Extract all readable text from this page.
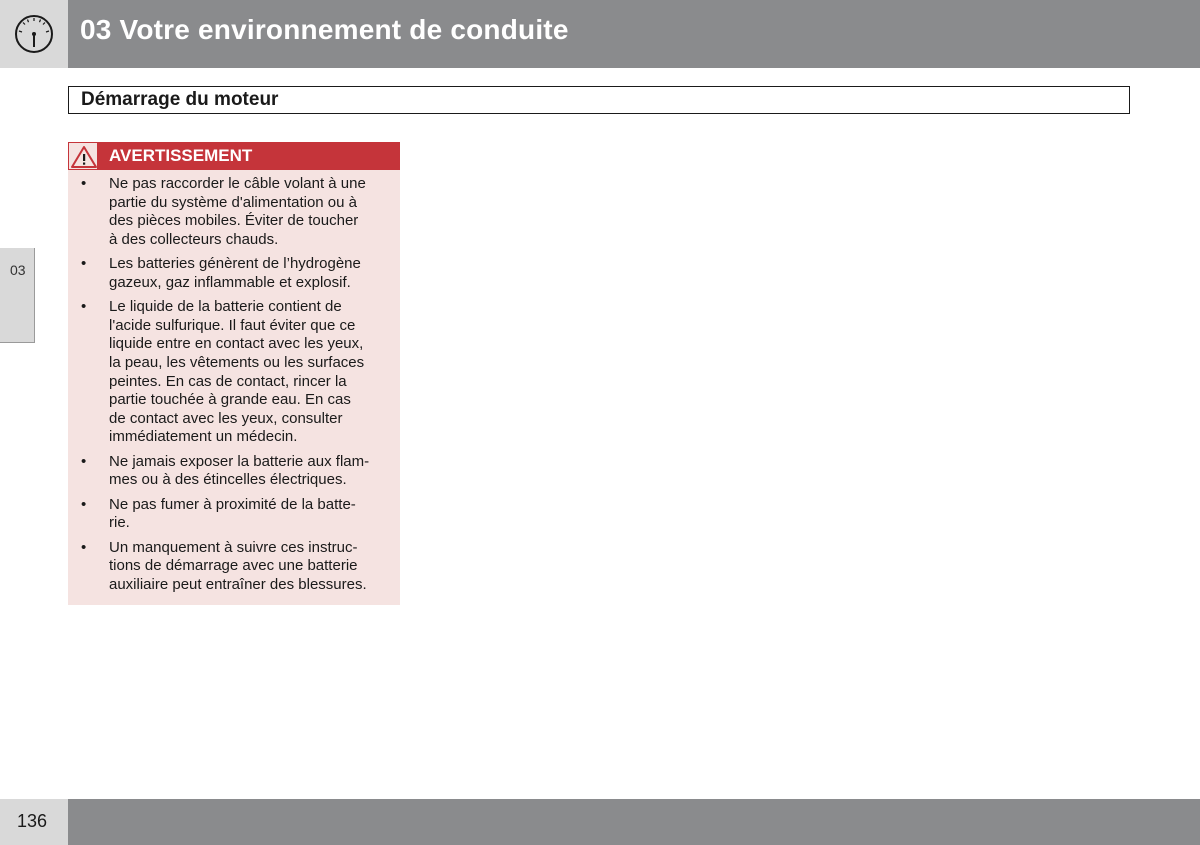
03 Votre environnement de conduite
03
Démarrage du moteur
AVERTISSEMENT
• Ne pas raccorder le câble volant à une
partie du système d'alimentation ou à
des pièces mobiles. Éviter de toucher
à des collecteurs chauds.
• Les batteries génèrent de l’hydrogène
gazeux, gaz inflammable et explosif.
• Le liquide de la batterie contient de
l'acide sulfurique. Il faut éviter que ce
liquide entre en contact avec les yeux,
la peau, les vêtements ou les surfaces
peintes. En cas de contact, rincer la
partie touchée à grande eau. En cas
de contact avec les yeux, consulter
immédiatement un médecin.
• Ne jamais exposer la batterie aux flam-
mes ou à des étincelles électriques.
• Ne pas fumer à proximité de la batte-
rie.
• Un manquement à suivre ces instruc-
tions de démarrage avec une batterie
auxiliaire peut entraîner des blessures.
136
